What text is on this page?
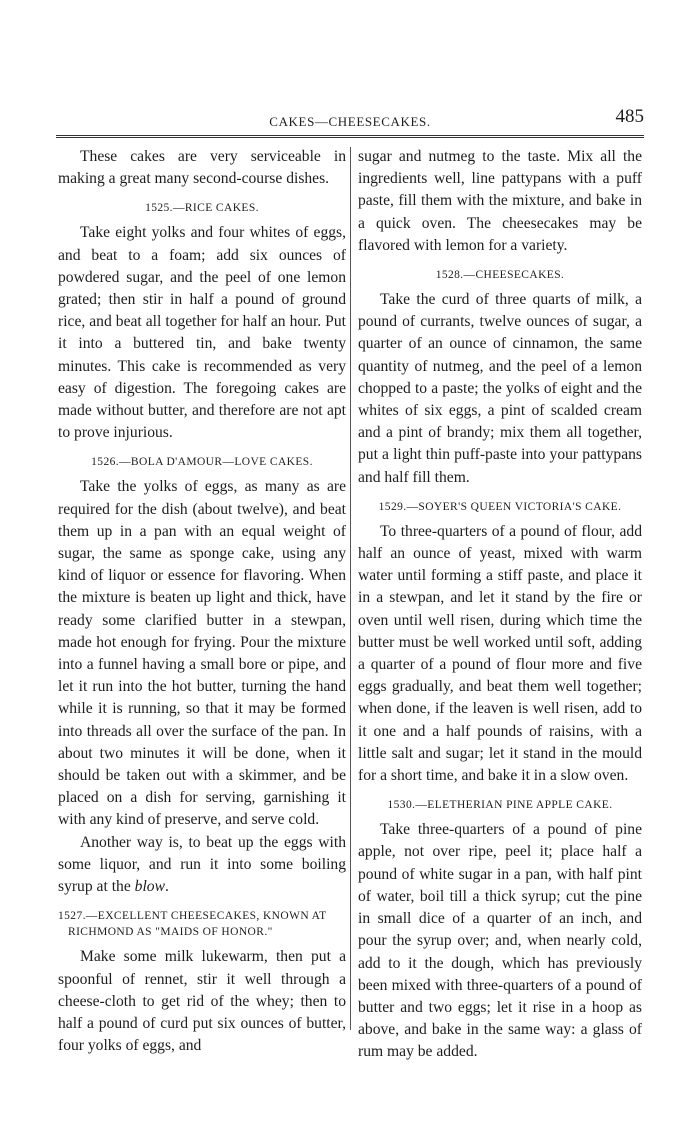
CAKES—CHEESECAKES.	485

These cakes are very serviceable in making a great many second-course dishes.

1525.—RICE CAKES.

Take eight yolks and four whites of eggs, and beat to a foam; add six ounces of powdered sugar, and the peel of one lemon grated; then stir in half a pound of ground rice, and beat all together for half an hour. Put it into a buttered tin, and bake twenty minutes. This cake is recommended as very easy of digestion. The foregoing cakes are made without butter, and therefore are not apt to prove injurious.

1526.—BOLA D'AMOUR—LOVE CAKES.

Take the yolks of eggs, as many as are required for the dish (about twelve), and beat them up in a pan with an equal weight of sugar, the same as sponge cake, using any kind of liquor or essence for flavoring. When the mixture is beaten up light and thick, have ready some clarified butter in a stewpan, made hot enough for frying. Pour the mixture into a funnel having a small bore or pipe, and let it run into the hot butter, turning the hand while it is running, so that it may be formed into threads all over the surface of the pan. In about two minutes it will be done, when it should be taken out with a skimmer, and be placed on a dish for serving, garnishing it with any kind of preserve, and serve cold.

Another way is, to beat up the eggs with some liquor, and run it into some boiling syrup at the blow.

1527.—EXCELLENT CHEESECAKES, KNOWN AT RICHMOND AS "MAIDS OF HONOR."

Make some milk lukewarm, then put a spoonful of rennet, stir it well through a cheese-cloth to get rid of the whey; then to half a pound of curd put six ounces of butter, four yolks of eggs, and

sugar and nutmeg to the taste. Mix all the ingredients well, line pattypans with a puff paste, fill them with the mixture, and bake in a quick oven. The cheesecakes may be flavored with lemon for a variety.

1528.—CHEESECAKES.

Take the curd of three quarts of milk, a pound of currants, twelve ounces of sugar, a quarter of an ounce of cinnamon, the same quantity of nutmeg, and the peel of a lemon chopped to a paste; the yolks of eight and the whites of six eggs, a pint of scalded cream and a pint of brandy; mix them all together, put a light thin puff-paste into your pattypans and half fill them.

1529.—SOYER'S QUEEN VICTORIA'S CAKE.

To three-quarters of a pound of flour, add half an ounce of yeast, mixed with warm water until forming a stiff paste, and place it in a stewpan, and let it stand by the fire or oven until well risen, during which time the butter must be well worked until soft, adding a quarter of a pound of flour more and five eggs gradually, and beat them well together; when done, if the leaven is well risen, add to it one and a half pounds of raisins, with a little salt and sugar; let it stand in the mould for a short time, and bake it in a slow oven.

1530.—ELETHERIAN PINE APPLE CAKE.

Take three-quarters of a pound of pine apple, not over ripe, peel it; place half a pound of white sugar in a pan, with half pint of water, boil till a thick syrup; cut the pine in small dice of a quarter of an inch, and pour the syrup over; and, when nearly cold, add to it the dough, which has previously been mixed with three-quarters of a pound of butter and two eggs; let it rise in a hoop as above, and bake in the same way: a glass of rum may be added.
